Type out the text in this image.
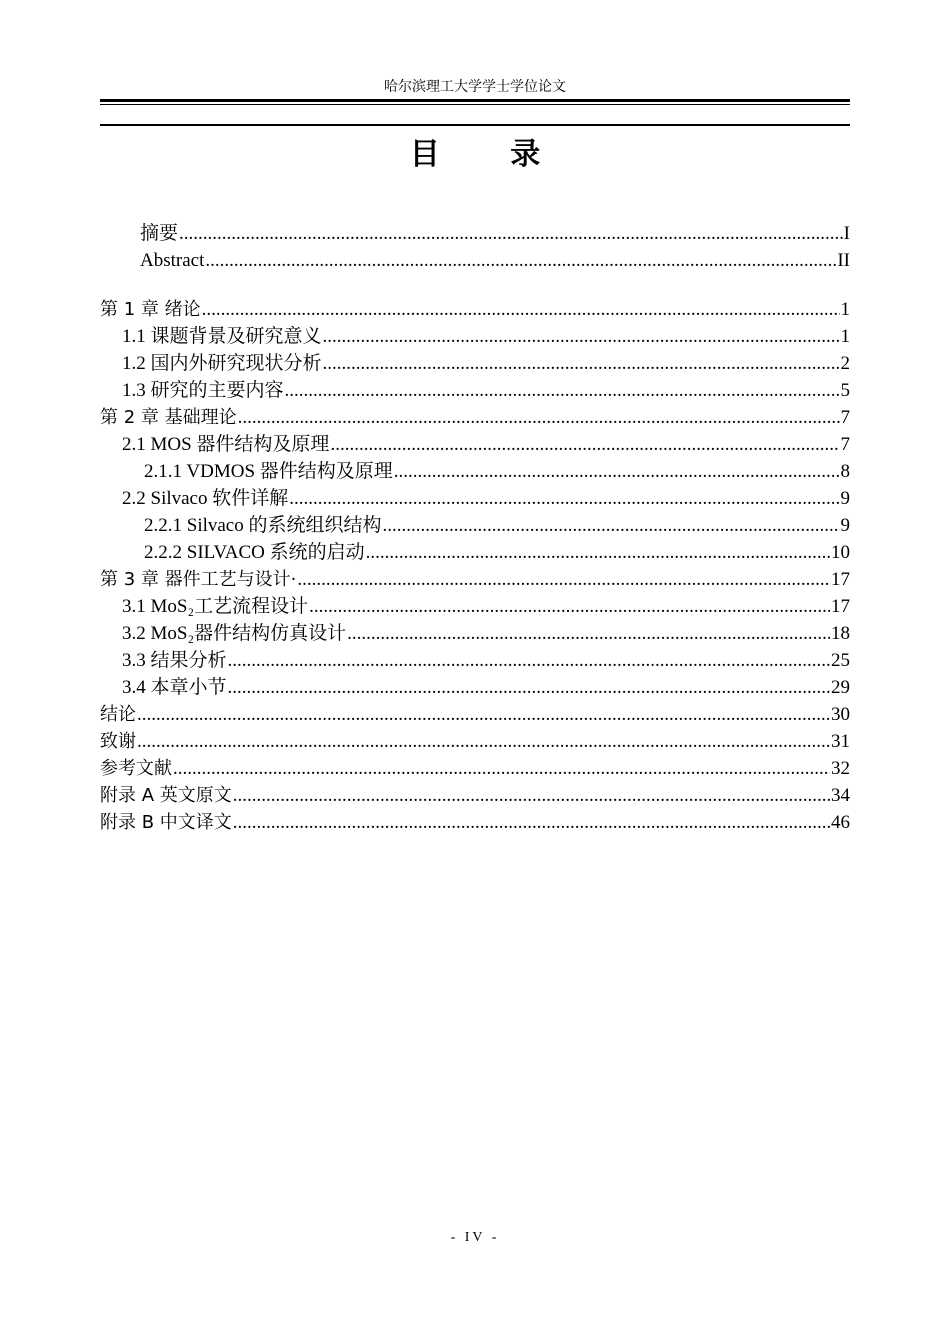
哈尔滨理工大学学士学位论文
目 录
摘要 .....	I
Abstract .....	II
第 1 章 绪论 .....	1
1.1 课题背景及研究意义 .....	1
1.2 国内外研究现状分析 .....	2
1.3 研究的主要内容 .....	5
第 2 章 基础理论 .....	7
2.1 MOS 器件结构及原理 .....	7
2.1.1 VDMOS 器件结构及原理 .....	8
2.2 Silvaco 软件详解 .....	9
2.2.1 Silvaco 的系统组织结构 .....	9
2.2.2 SILVACO 系统的启动 .....	10
第 3 章 器件工艺与设计· .....	17
3.1 MoS₂工艺流程设计 .....	17
3.2 MoS₂器件结构仿真设计 .....	18
3.3 结果分析 .....	25
3.4 本章小节 .....	29
结论 .....	30
致谢 .....	31
参考文献 .....	32
附录 A 英文原文 .....	34
附录 B 中文译文 .....	46
- IV -
